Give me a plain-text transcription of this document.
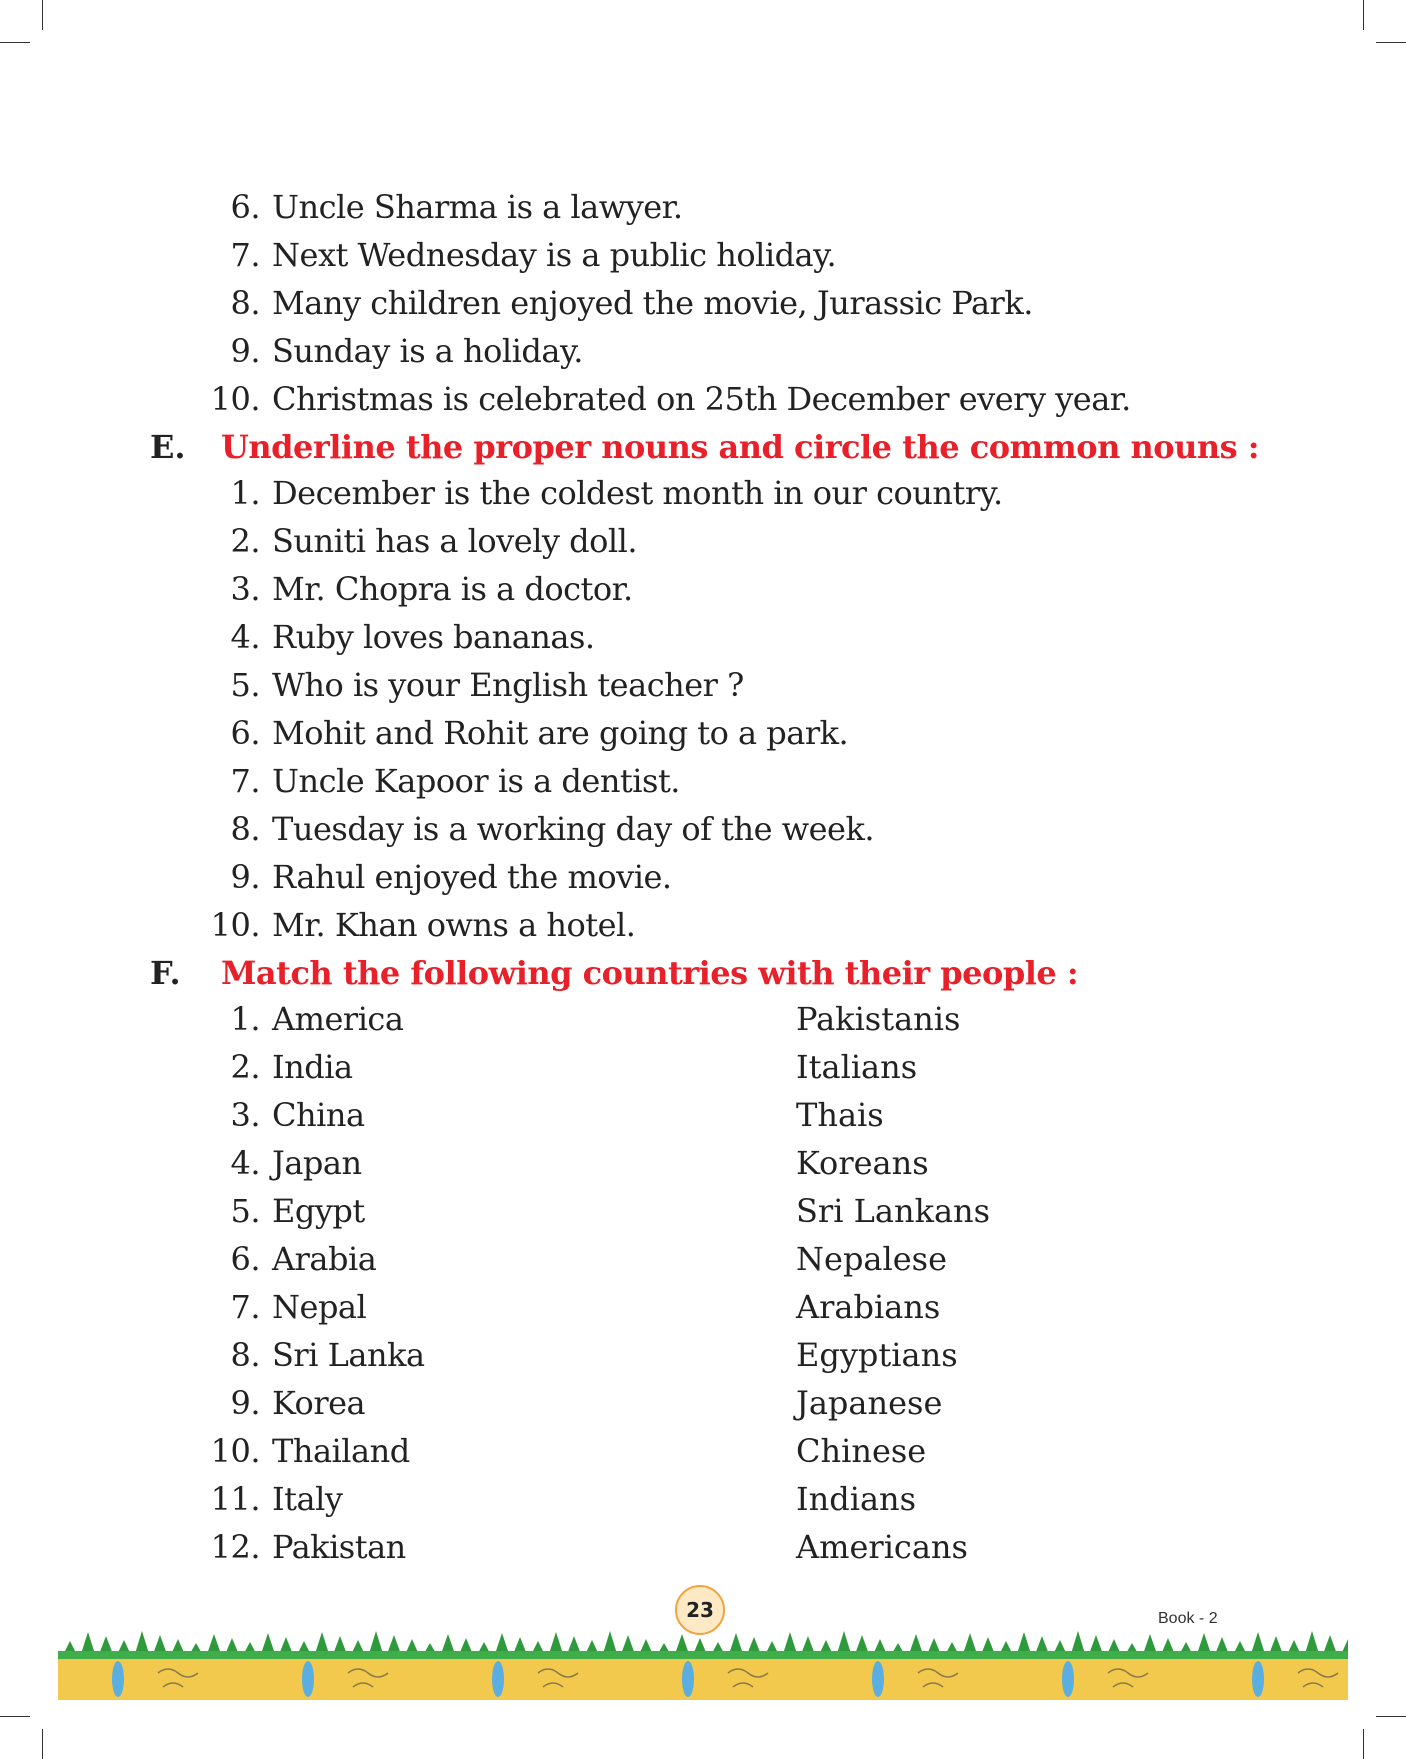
6. Uncle Sharma is a lawyer.
7. Next Wednesday is a public holiday.
8. Many children enjoyed the movie, Jurassic Park.
9. Sunday is a holiday.
10. Christmas is celebrated on 25th December every year.
E. Underline the proper nouns and circle the common nouns :
1. December is the coldest month in our country.
2. Suniti has a lovely doll.
3. Mr. Chopra is a doctor.
4. Ruby loves bananas.
5. Who is your English teacher ?
6. Mohit and Rohit are going to a park.
7. Uncle Kapoor is a dentist.
8. Tuesday is a working day of the week.
9. Rahul enjoyed the movie.
10. Mr. Khan owns a hotel.
F. Match the following countries with their people :
1. America
2. India
3. China
4. Japan
5. Egypt
6. Arabia
7. Nepal
8. Sri Lanka
9. Korea
10. Thailand
11. Italy
12. Pakistan
Pakistanis
Italians
Thais
Koreans
Sri Lankans
Nepalese
Arabians
Egyptians
Japanese
Chinese
Indians
Americans
23	Book - 2
